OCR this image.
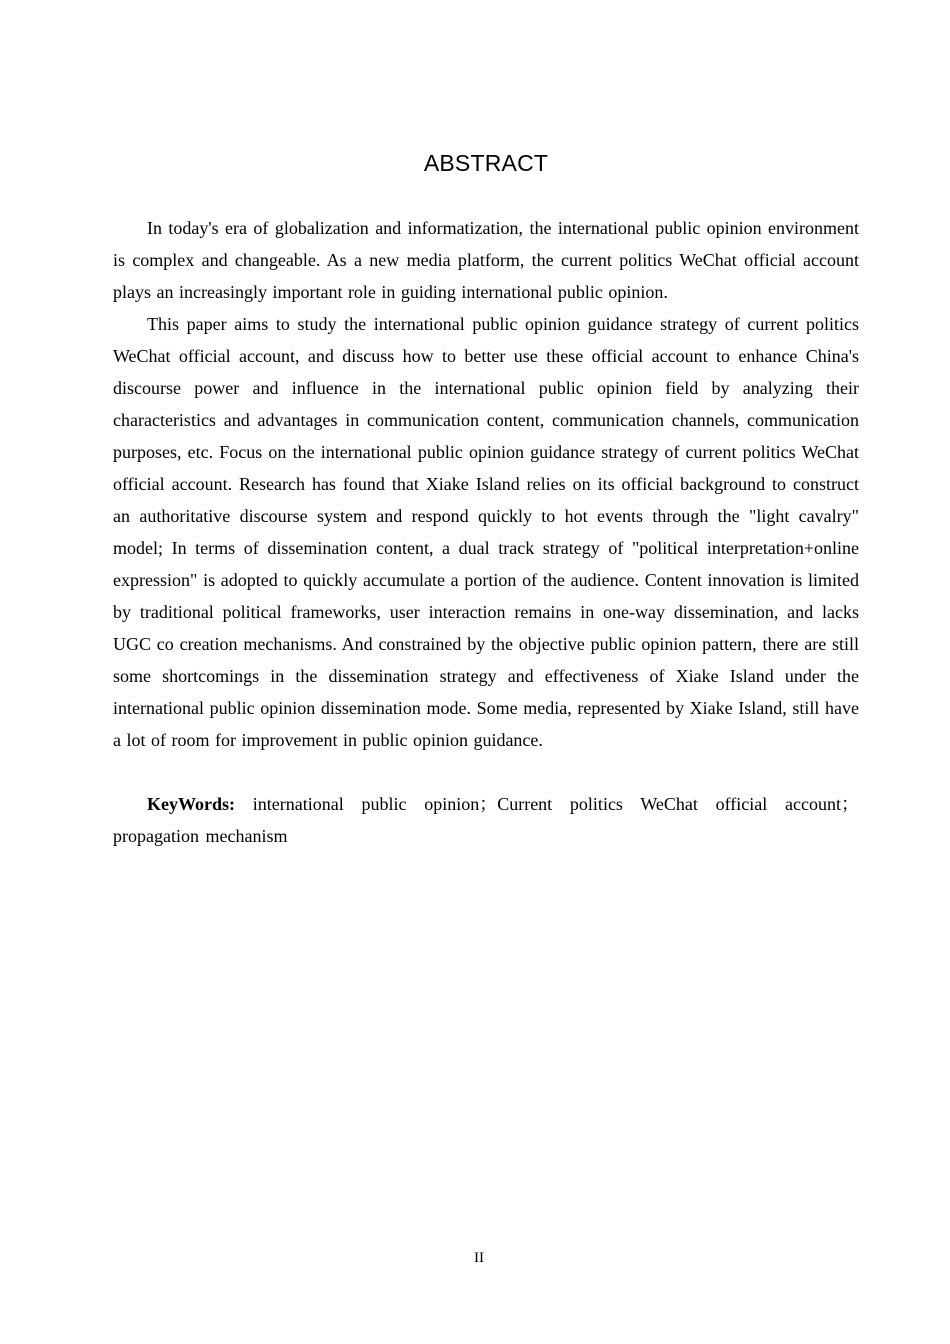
ABSTRACT

In today's era of globalization and informatization, the international public opinion environment is complex and changeable. As a new media platform, the current politics WeChat official account plays an increasingly important role in guiding international public opinion.

This paper aims to study the international public opinion guidance strategy of current politics WeChat official account, and discuss how to better use these official account to enhance China's discourse power and influence in the international public opinion field by analyzing their characteristics and advantages in communication content, communication channels, communication purposes, etc. Focus on the international public opinion guidance strategy of current politics WeChat official account. Research has found that Xiake Island relies on its official background to construct an authoritative discourse system and respond quickly to hot events through the "light cavalry" model; In terms of dissemination content, a dual track strategy of "political interpretation+online expression" is adopted to quickly accumulate a portion of the audience. Content innovation is limited by traditional political frameworks, user interaction remains in one-way dissemination, and lacks UGC co creation mechanisms. And constrained by the objective public opinion pattern, there are still some shortcomings in the dissemination strategy and effectiveness of Xiake Island under the international public opinion dissemination mode. Some media, represented by Xiake Island, still have a lot of room for improvement in public opinion guidance.

KeyWords: international public opinion；Current politics WeChat official account；propagation mechanism

II
